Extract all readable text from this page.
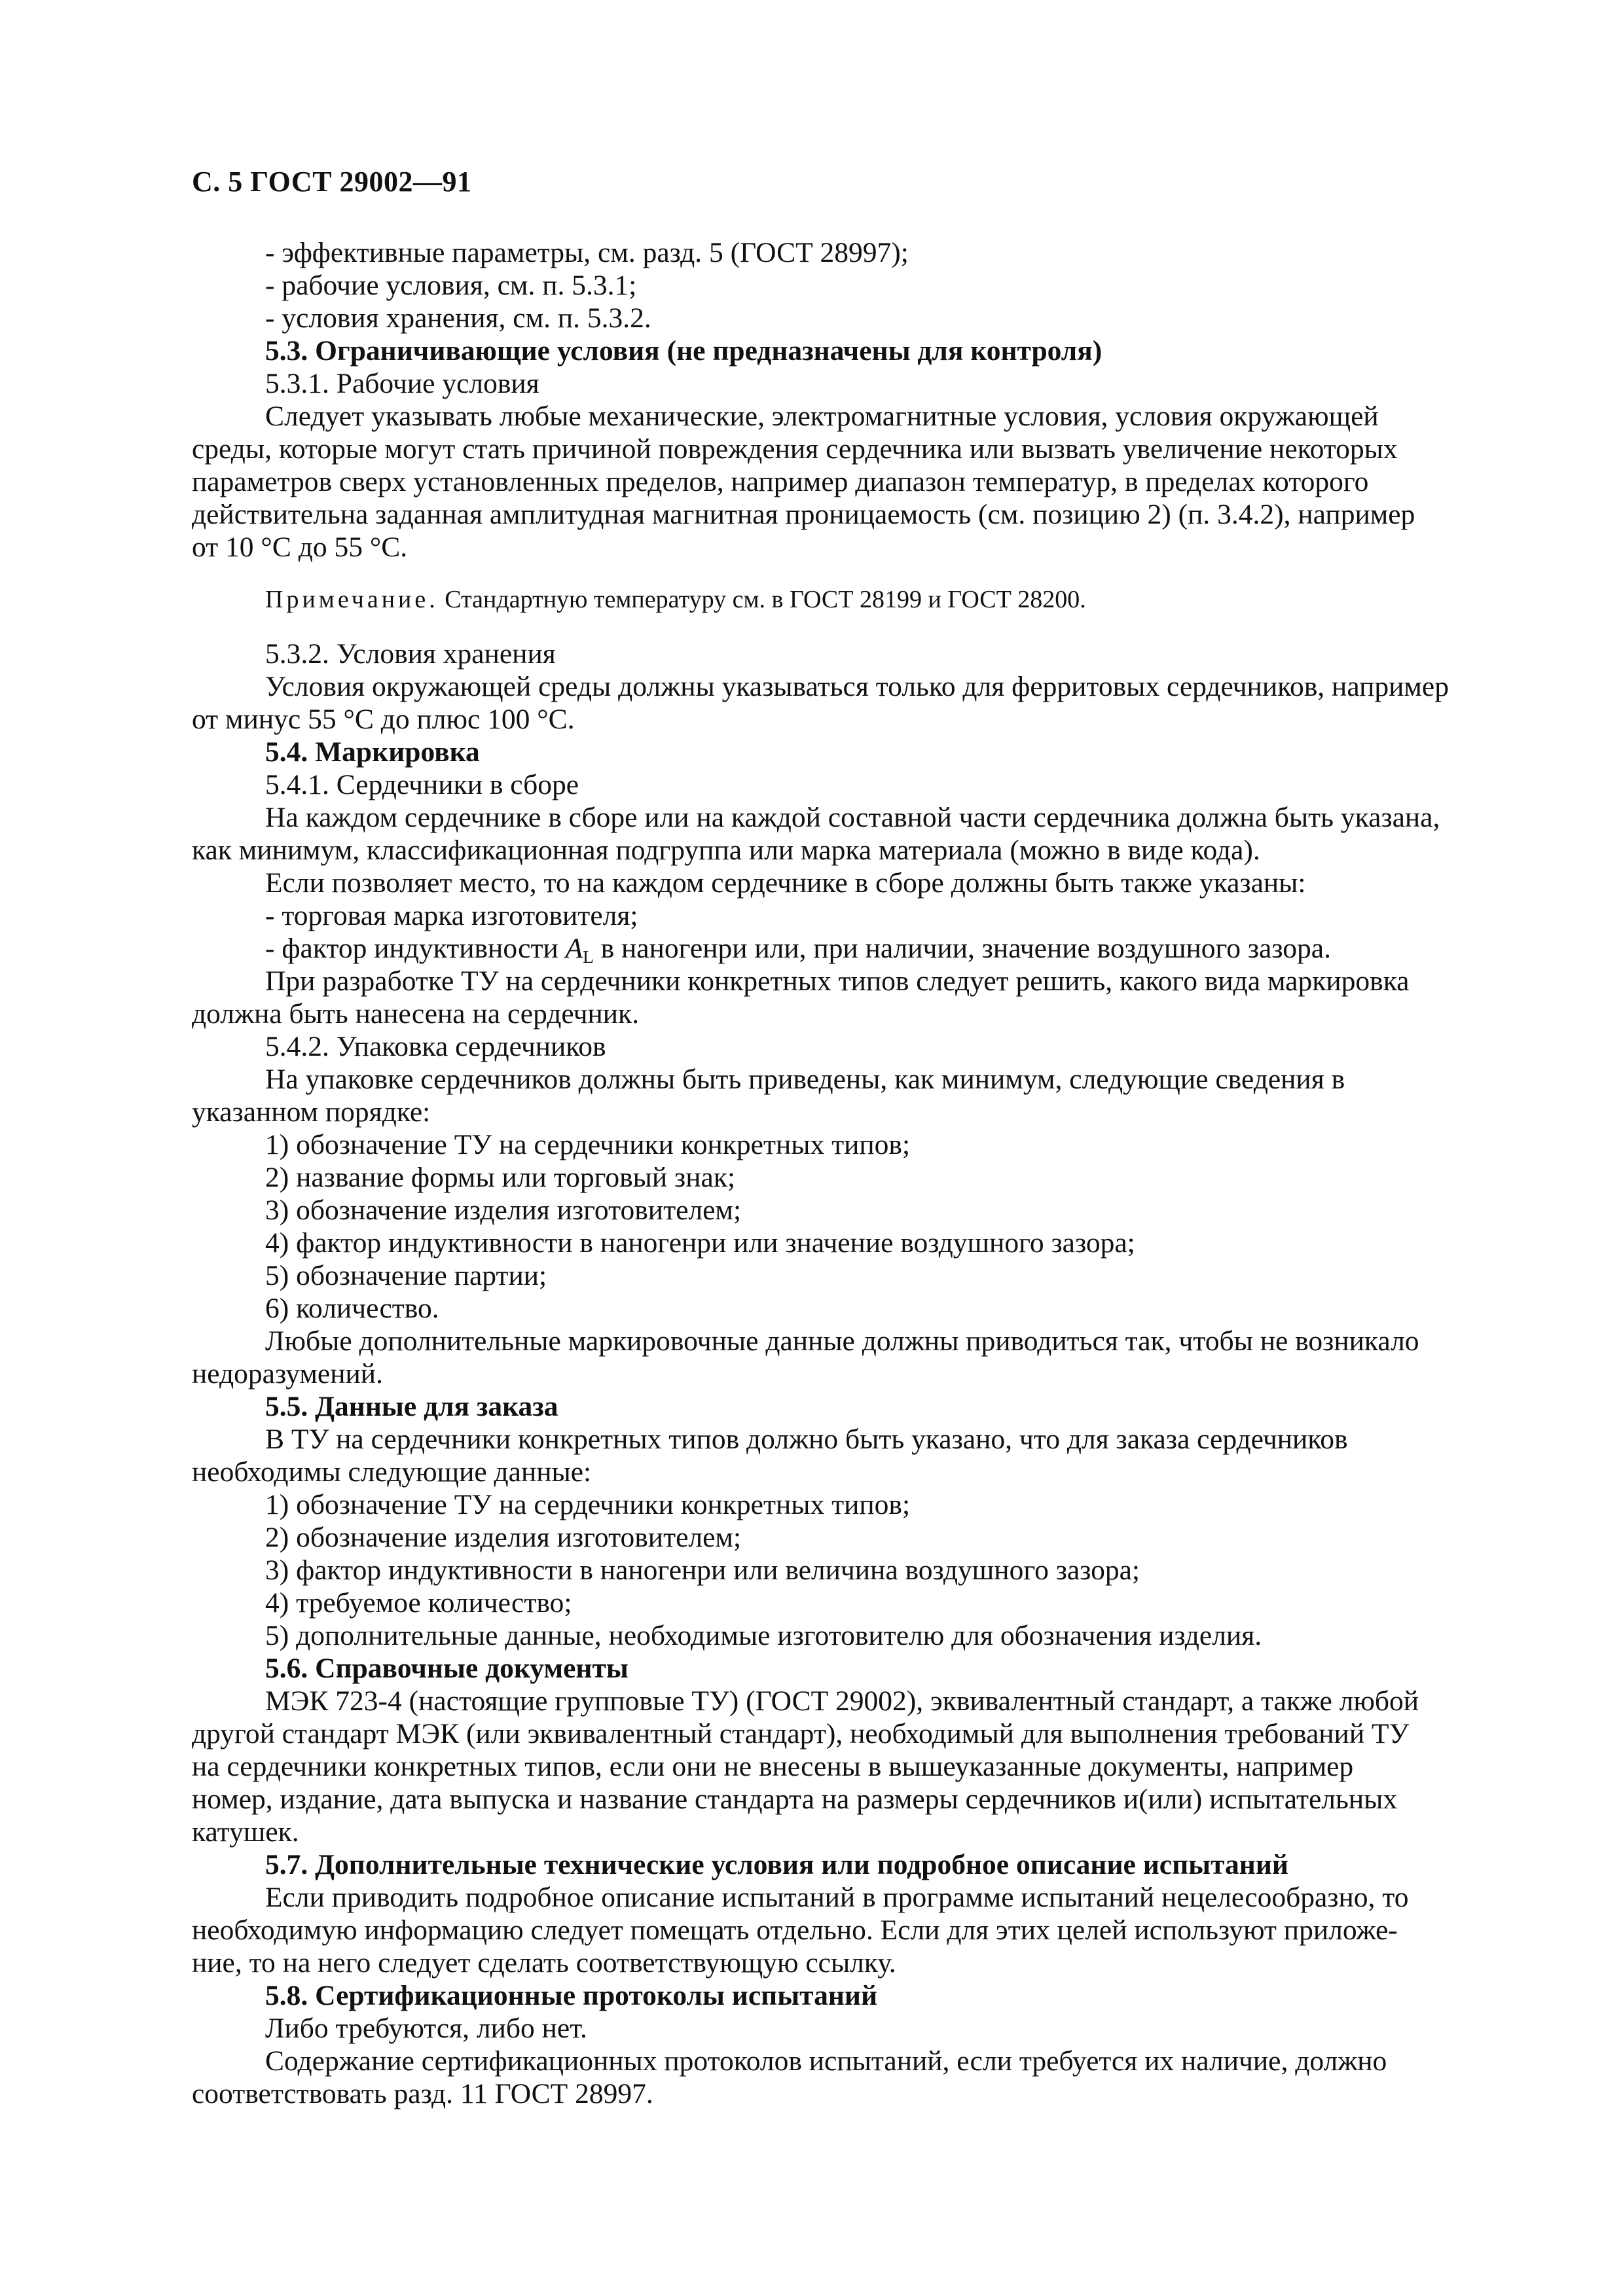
С. 5 ГОСТ 29002—91
- эффективные параметры, см. разд. 5 (ГОСТ 28997);
- рабочие условия, см. п. 5.3.1;
- условия хранения, см. п. 5.3.2.
5.3. Ограничивающие условия (не предназначены для контроля)
5.3.1. Рабочие условия
Следует указывать любые механические, электромагнитные условия, условия окружающей
среды, которые могут стать причиной повреждения сердечника или вызвать увеличение некоторых
параметров сверх установленных пределов, например диапазон температур, в пределах которого
действительна заданная амплитудная магнитная проницаемость (см. позицию 2) (п. 3.4.2), например
от 10 °С до 55 °С.
Примечание. Стандартную температуру см. в ГОСТ 28199 и ГОСТ 28200.
5.3.2. Условия хранения
Условия окружающей среды должны указываться только для ферритовых сердечников, например
от минус 55 °С до плюс 100 °С.
5.4. Маркировка
5.4.1. Сердечники в сборе
На каждом сердечнике в сборе или на каждой составной части сердечника должна быть указана,
как минимум, классификационная подгруппа или марка материала (можно в виде кода).
Если позволяет место, то на каждом сердечнике в сборе должны быть также указаны:
- торговая марка изготовителя;
- фактор индуктивности $A_L$ в наногенри или, при наличии, значение воздушного зазора.
При разработке ТУ на сердечники конкретных типов следует решить, какого вида маркировка
должна быть нанесена на сердечник.
5.4.2. Упаковка сердечников
На упаковке сердечников должны быть приведены, как минимум, следующие сведения в
указанном порядке:
1) обозначение ТУ на сердечники конкретных типов;
2) название формы или торговый знак;
3) обозначение изделия изготовителем;
4) фактор индуктивности в наногенри или значение воздушного зазора;
5) обозначение партии;
6) количество.
Любые дополнительные маркировочные данные должны приводиться так, чтобы не возникало
недоразумений.
5.5. Данные для заказа
В ТУ на сердечники конкретных типов должно быть указано, что для заказа сердечников
необходимы следующие данные:
1) обозначение ТУ на сердечники конкретных типов;
2) обозначение изделия изготовителем;
3) фактор индуктивности в наногенри или величина воздушного зазора;
4) требуемое количество;
5) дополнительные данные, необходимые изготовителю для обозначения изделия.
5.6. Справочные документы
МЭК 723-4 (настоящие групповые ТУ) (ГОСТ 29002), эквивалентный стандарт, а также любой
другой стандарт МЭК (или эквивалентный стандарт), необходимый для выполнения требований ТУ
на сердечники конкретных типов, если они не внесены в вышеуказанные документы, например
номер, издание, дата выпуска и название стандарта на размеры сердечников и(или) испытательных
катушек.
5.7. Дополнительные технические условия или подробное описание испытаний
Если приводить подробное описание испытаний в программе испытаний нецелесообразно, то
необходимую информацию следует помещать отдельно. Если для этих целей используют приложе-
ние, то на него следует сделать соответствующую ссылку.
5.8. Сертификационные протоколы испытаний
Либо требуются, либо нет.
Содержание сертификационных протоколов испытаний, если требуется их наличие, должно
соответствовать разд. 11 ГОСТ 28997.
